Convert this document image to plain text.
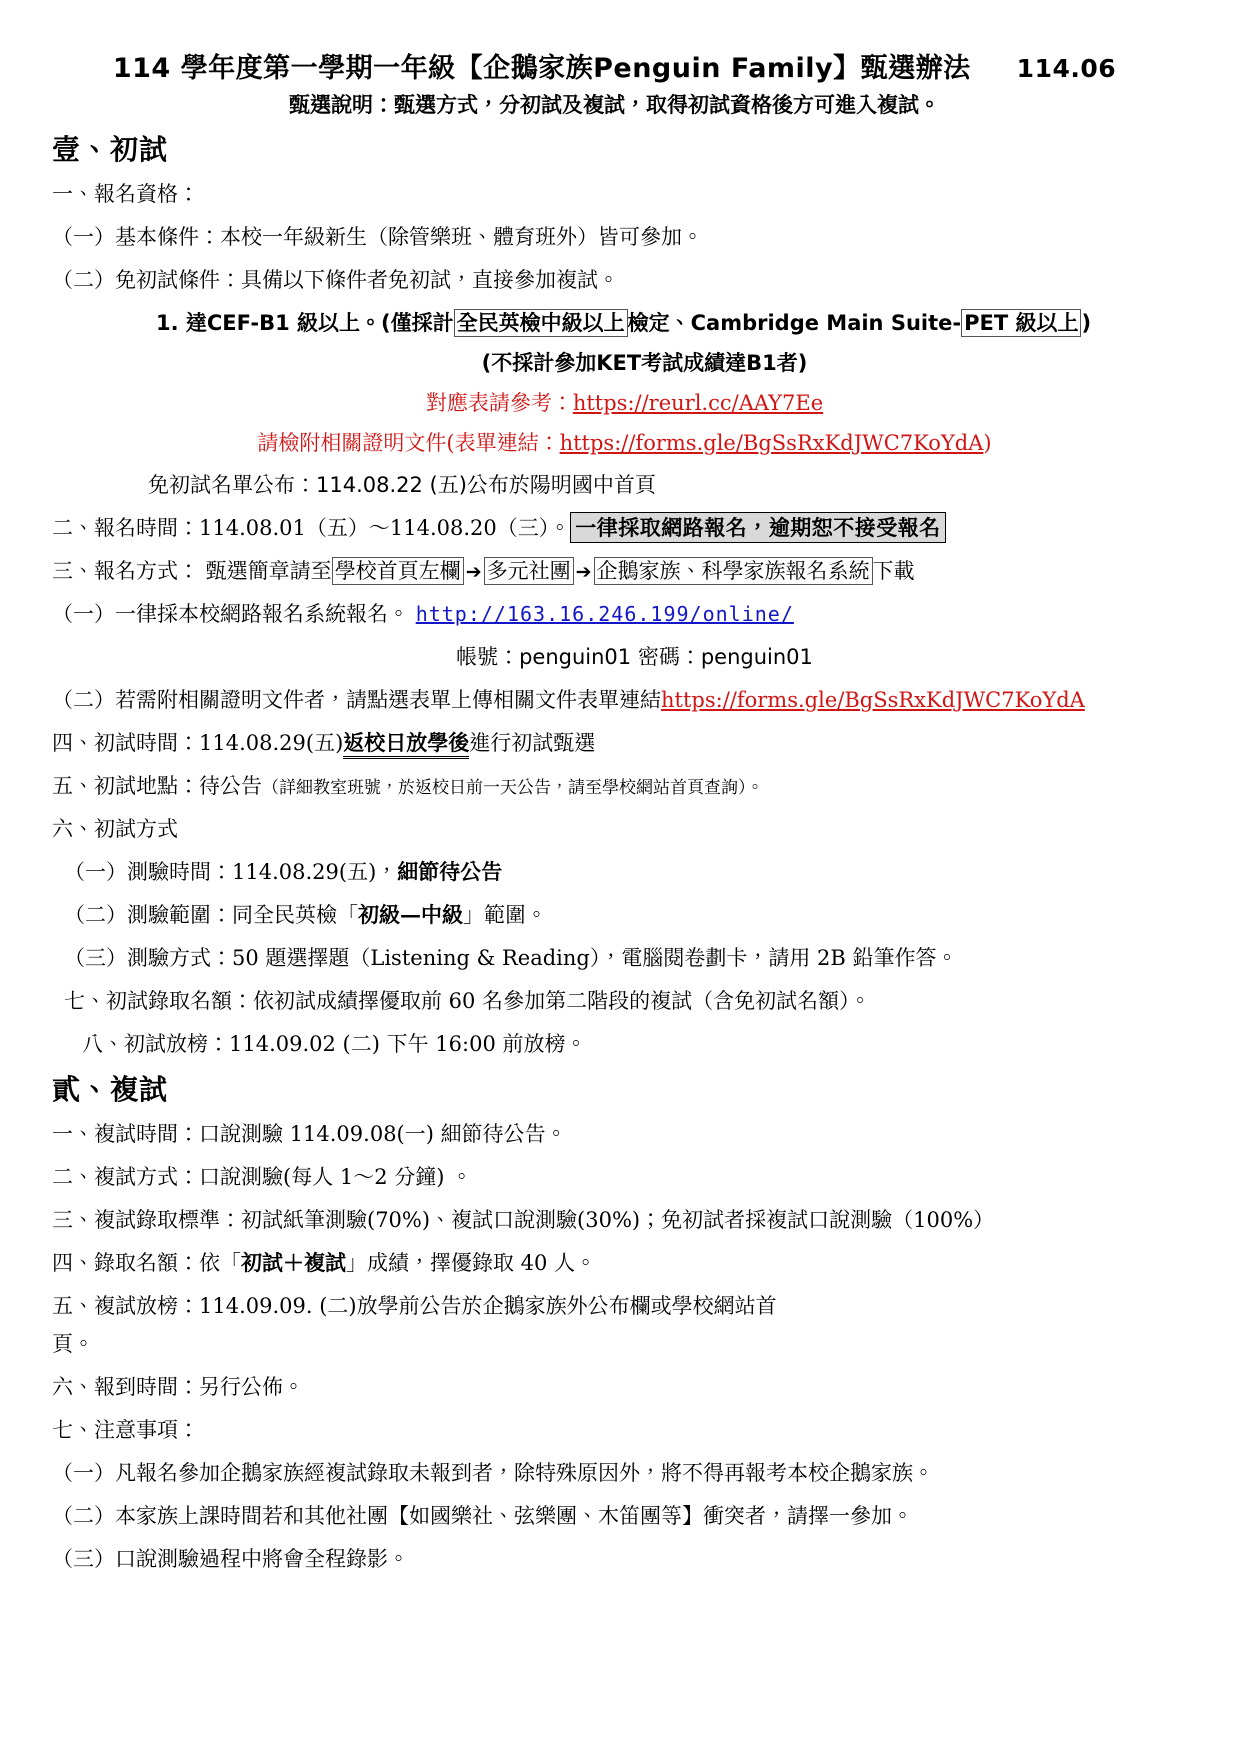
114 學年度第一學期一年級【企鵝家族Penguin Family】甄選辦法 114.06
甄選說明：甄選方式，分初試及複試，取得初試資格後方可進入複試。
壹、初試

一、報名資格：

（一）基本條件：本校一年級新生（除管樂班、體育班外）皆可參加。

（二）免初試條件：具備以下條件者免初試，直接參加複試。

1. 達CEF-B1 級以上。(僅採計 全民英檢中級以上 檢定、Cambridge Main Suite- PET 級以上 )

(不採計參加KET考試成績達B1者)

對應表請參考：https://reurl.cc/AAY7Ee

請檢附相關證明文件(表單連結：https://forms.gle/BgSsRxKdJWC7KoYdA)

免初試名單公布：114.08.22 (五)公布於陽明國中首頁

二、報名時間：114.08.01（五）～114.08.20（三）。 一律採取網路報名，逾期恕不接受報名

三、報名方式： 甄選簡章請至 學校首頁左欄 ➔ 多元社團 ➔ 企鵝家族、科學家族報名系統 下載

（一）一律採本校網路報名系統報名。 http://163.16.246.199/online/

帳號：penguin01 密碼：penguin01

（二）若需附相關證明文件者，請點選表單上傳相關文件表單連結https://forms.gle/BgSsRxKdJWC7KoYdA

四、初試時間：114.08.29(五)返校日放學後進行初試甄選

五、初試地點：待公告（詳細教室班號，於返校日前一天公告，請至學校網站首頁查詢）。

六、初試方式

（一）測驗時間：114.08.29(五)，細節待公告

（二）測驗範圍：同全民英檢「初級—中級」範圍。

（三）測驗方式：50 題選擇題（Listening & Reading），電腦閱卷劃卡，請用 2B 鉛筆作答。

七、初試錄取名額：依初試成績擇優取前 60 名參加第二階段的複試（含免初試名額）。

八、初試放榜：114.09.02 (二) 下午 16:00 前放榜。

貳、複試

一、複試時間：口說測驗 114.09.08(一) 細節待公告。

二、複試方式：口說測驗(每人 1～2 分鐘) 。

三、複試錄取標準：初試紙筆測驗(70%)、複試口說測驗(30%)；免初試者採複試口說測驗（100%）

四、錄取名額：依「初試＋複試」成績，擇優錄取 40 人。

五、複試放榜：114.09.09. (二)放學前公告於企鵝家族外公布欄或學校網站首

頁。

六、報到時間：另行公佈。

七、注意事項：

（一）凡報名參加企鵝家族經複試錄取未報到者，除特殊原因外，將不得再報考本校企鵝家族。

（二）本家族上課時間若和其他社團【如國樂社、弦樂團、木笛團等】衝突者，請擇一參加。

（三）口說測驗過程中將會全程錄影。
